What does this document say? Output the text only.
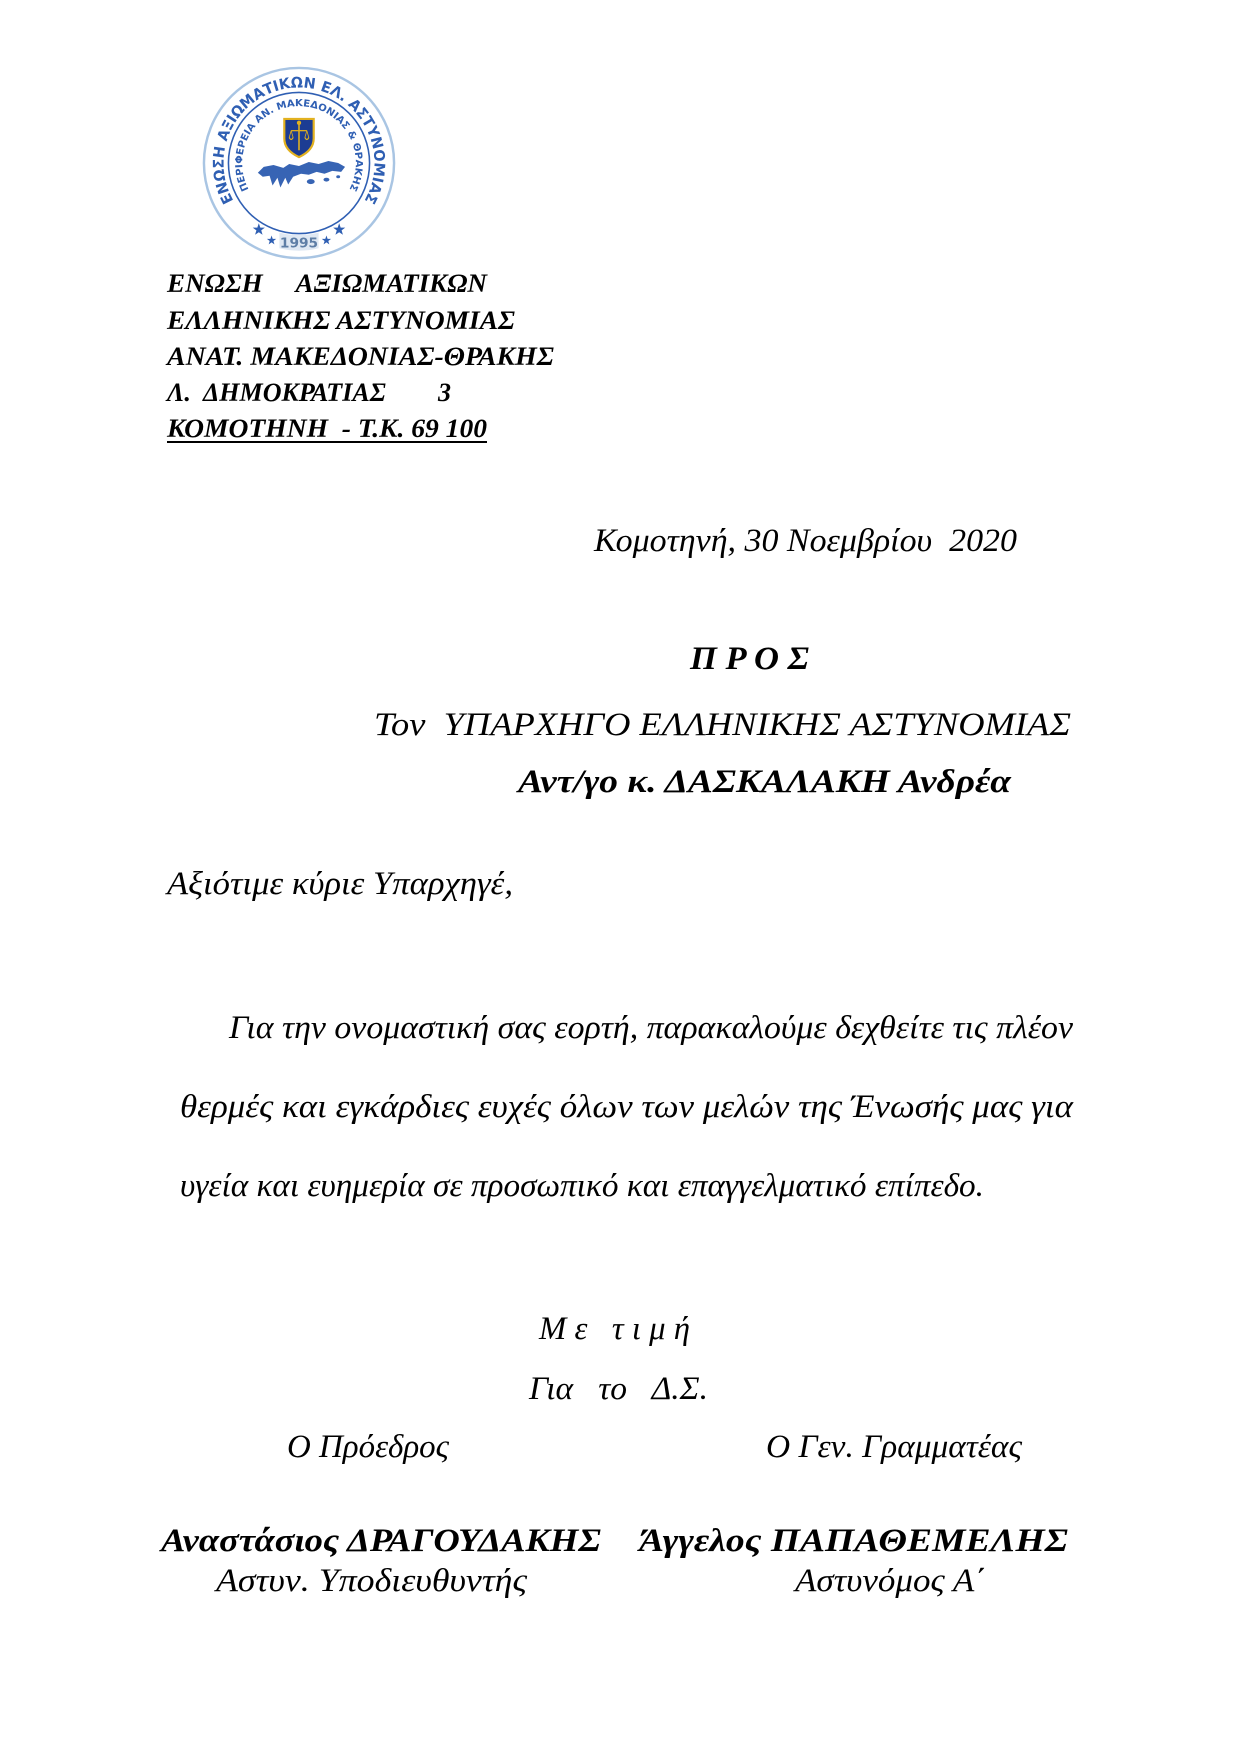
ΕΝΩΣΗ ΑΞΙΩΜΑΤΙΚΩΝ ΕΛ. ΑΣΤΥΝΟΜΙΑΣ
ΠΕΡΙΦΕΡΕΙΑ ΑΝ. ΜΑΚΕΔΟΝΙΑΣ & ΘΡΑΚΗΣ
1995
ΕΝΩΣΗ     ΑΞΙΩΜΑΤΙΚΩΝ
ΕΛΛΗΝΙΚΗΣ ΑΣΤΥΝΟΜΙΑΣ
ΑΝΑΤ. ΜΑΚΕΔΟΝΙΑΣ-ΘΡΑΚΗΣ
Λ.  ΔΗΜΟΚΡΑΤΙΑΣ        3
ΚΟΜΟΤΗΝΗ  - Τ.Κ. 69 100
Κομοτηνή, 30 Νοεμβρίου  2020
Π Ρ Ο Σ
Τον  ΥΠΑΡΧΗΓΟ ΕΛΛΗΝΙΚΗΣ ΑΣΤΥΝΟΜΙΑΣ
Αντ/γο κ. ΔΑΣΚΑΛΑΚΗ Ανδρέα
Αξιότιμε κύριε Υπαρχηγέ,
Για την ονομαστική σας εορτή, παρακαλούμε δεχθείτε τις πλέον
θερμές και εγκάρδιες ευχές όλων των μελών της Ένωσής μας για
υγεία και ευημερία σε προσωπικό και επαγγελματικό επίπεδο.
Μ ε   τ ι μ ή
Για   το   Δ.Σ.
Ο Πρόεδρος
Αναστάσιος ΔΡΑΓΟΥΔΑΚΗΣ
Αστυν. Υποδιευθυντής
Ο Γεν. Γραμματέας
Άγγελος ΠΑΠΑΘΕΜΕΛΗΣ
Αστυνόμος Α΄
